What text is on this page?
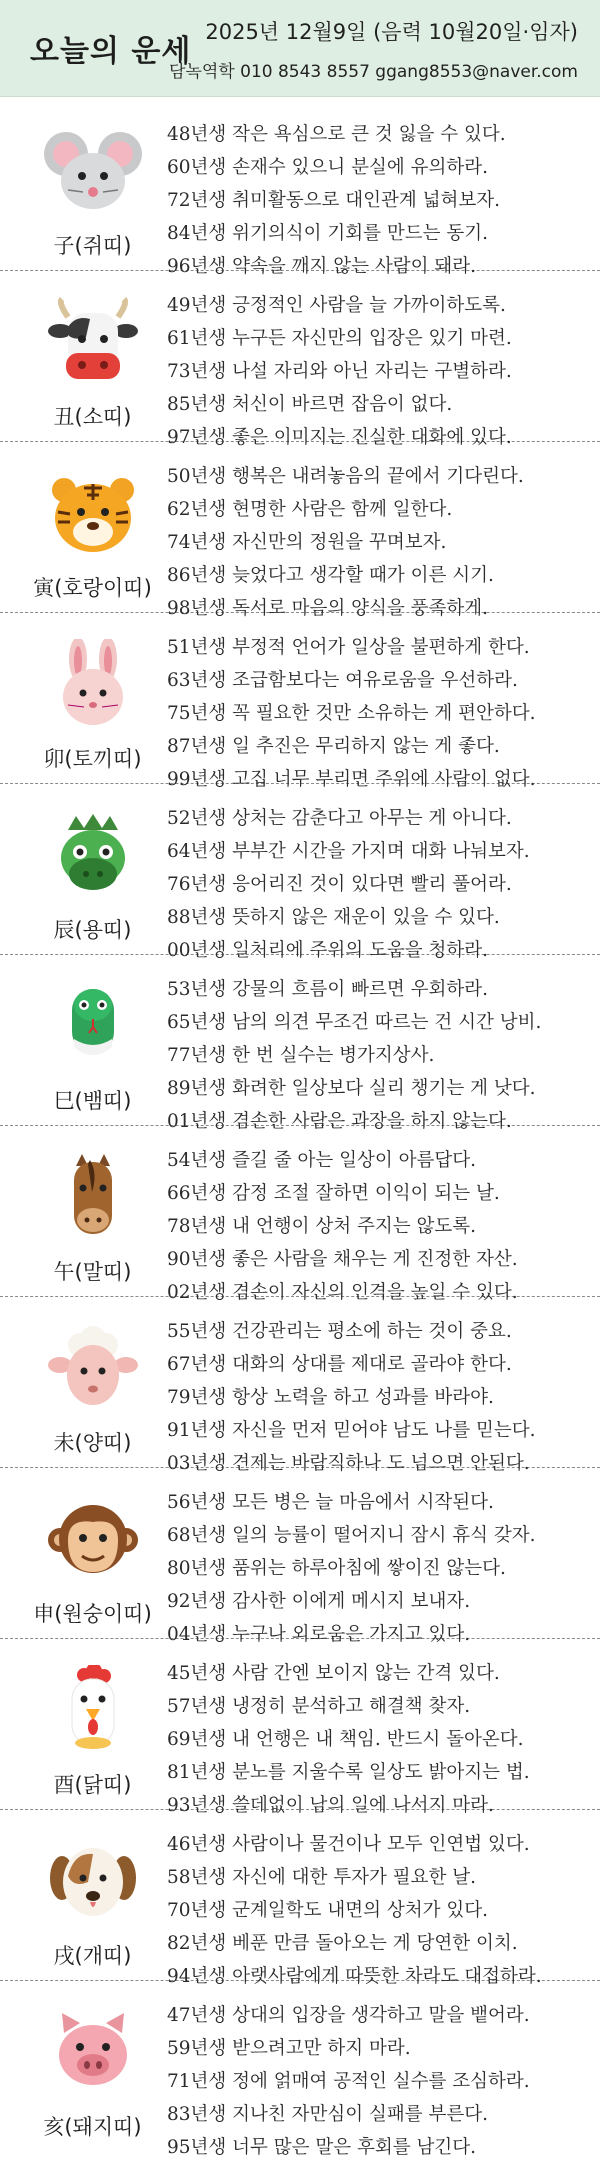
오늘의 운세
2025년 12월9일 (음력 10월20일·임자)
담녹역학 010 8543 8557 ggang8553@naver.com
子(쥐띠)
48년생 작은 욕심으로 큰 것 잃을 수 있다.
60년생 손재수 있으니 분실에 유의하라.
72년생 취미활동으로 대인관계 넓혀보자.
84년생 위기의식이 기회를 만드는 동기.
96년생 약속을 깨지 않는 사람이 돼라.
丑(소띠)
49년생 긍정적인 사람을 늘 가까이하도록.
61년생 누구든 자신만의 입장은 있기 마련.
73년생 나설 자리와 아닌 자리는 구별하라.
85년생 처신이 바르면 잡음이 없다.
97년생 좋은 이미지는 진실한 대화에 있다.
寅(호랑이띠)
50년생 행복은 내려놓음의 끝에서 기다린다.
62년생 현명한 사람은 함께 일한다.
74년생 자신만의 정원을 꾸며보자.
86년생 늦었다고 생각할 때가 이른 시기.
98년생 독서로 마음의 양식을 풍족하게.
卯(토끼띠)
51년생 부정적 언어가 일상을 불편하게 한다.
63년생 조급함보다는 여유로움을 우선하라.
75년생 꼭 필요한 것만 소유하는 게 편안하다.
87년생 일 추진은 무리하지 않는 게 좋다.
99년생 고집 너무 부리면 주위에 사람이 없다.
辰(용띠)
52년생 상처는 감춘다고 아무는 게 아니다.
64년생 부부간 시간을 가지며 대화 나눠보자.
76년생 응어리진 것이 있다면 빨리 풀어라.
88년생 뜻하지 않은 재운이 있을 수 있다.
00년생 일처리에 주위의 도움을 청하라.
巳(뱀띠)
53년생 강물의 흐름이 빠르면 우회하라.
65년생 남의 의견 무조건 따르는 건 시간 낭비.
77년생 한 번 실수는 병가지상사.
89년생 화려한 일상보다 실리 챙기는 게 낫다.
01년생 겸손한 사람은 과장을 하지 않는다.
午(말띠)
54년생 즐길 줄 아는 일상이 아름답다.
66년생 감정 조절 잘하면 이익이 되는 날.
78년생 내 언행이 상처 주지는 않도록.
90년생 좋은 사람을 채우는 게 진정한 자산.
02년생 겸손이 자신의 인격을 높일 수 있다.
未(양띠)
55년생 건강관리는 평소에 하는 것이 중요.
67년생 대화의 상대를 제대로 골라야 한다.
79년생 항상 노력을 하고 성과를 바라야.
91년생 자신을 먼저 믿어야 남도 나를 믿는다.
03년생 견제는 바람직하나 도 넘으면 안된다.
申(원숭이띠)
56년생 모든 병은 늘 마음에서 시작된다.
68년생 일의 능률이 떨어지니 잠시 휴식 갖자.
80년생 품위는 하루아침에 쌓이진 않는다.
92년생 감사한 이에게 메시지 보내자.
04년생 누구나 외로움은 가지고 있다.
酉(닭띠)
45년생 사람 간엔 보이지 않는 간격 있다.
57년생 냉정히 분석하고 해결책 찾자.
69년생 내 언행은 내 책임. 반드시 돌아온다.
81년생 분노를 지울수록 일상도 밝아지는 법.
93년생 쓸데없이 남의 일에 나서지 마라.
戌(개띠)
46년생 사람이나 물건이나 모두 인연법 있다.
58년생 자신에 대한 투자가 필요한 날.
70년생 군계일학도 내면의 상처가 있다.
82년생 베푼 만큼 돌아오는 게 당연한 이치.
94년생 아랫사람에게 따뜻한 차라도 대접하라.
亥(돼지띠)
47년생 상대의 입장을 생각하고 말을 뱉어라.
59년생 받으려고만 하지 마라.
71년생 정에 얽매여 공적인 실수를 조심하라.
83년생 지나친 자만심이 실패를 부른다.
95년생 너무 많은 말은 후회를 남긴다.
